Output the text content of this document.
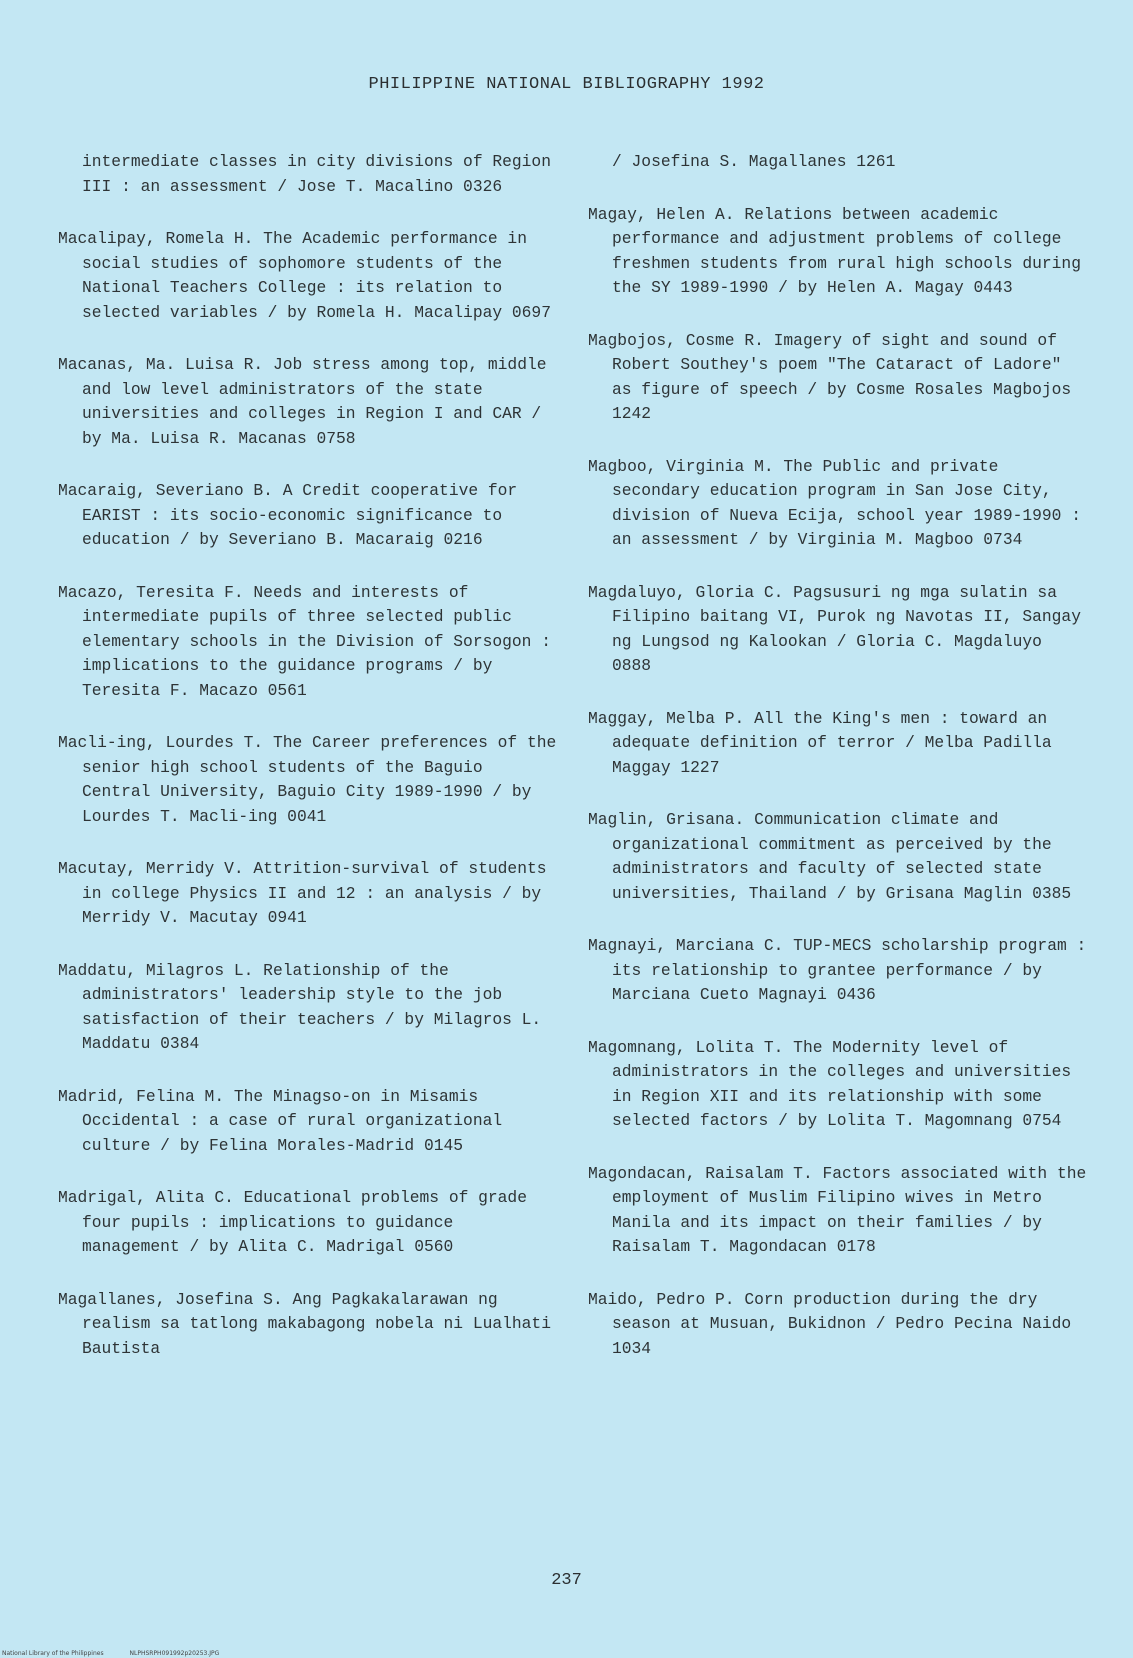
PHILIPPINE NATIONAL BIBLIOGRAPHY 1992

intermediate classes in city divisions of Region III : an assessment / Jose T. Macalino 0326

Macalipay, Romela H. The Academic performance in social studies of sophomore students of the National Teachers College : its relation to selected variables / by Romela H. Macalipay 0697

Macanas, Ma. Luisa R. Job stress among top, middle and low level administrators of the state universities and colleges in Region I and CAR / by Ma. Luisa R. Macanas 0758

Macaraig, Severiano B. A Credit cooperative for EARIST : its socio-economic significance to education / by Severiano B. Macaraig 0216

Macazo, Teresita F. Needs and interests of intermediate pupils of three selected public elementary schools in the Division of Sorsogon : implications to the guidance programs / by Teresita F. Macazo 0561

Macli-ing, Lourdes T. The Career preferences of the senior high school students of the Baguio Central University, Baguio City 1989-1990 / by Lourdes T. Macli-ing 0041

Macutay, Merridy V. Attrition-survival of students in college Physics II and 12 : an analysis / by Merridy V. Macutay 0941

Maddatu, Milagros L. Relationship of the administrators' leadership style to the job satisfaction of their teachers / by Milagros L. Maddatu 0384

Madrid, Felina M. The Minagso-on in Misamis Occidental : a case of rural organizational culture / by Felina Morales-Madrid 0145

Madrigal, Alita C. Educational problems of grade four pupils : implications to guidance management / by Alita C. Madrigal 0560

Magallanes, Josefina S. Ang Pagkakalarawan ng realism sa tatlong makabagong nobela ni Lualhati Bautista

/ Josefina S. Magallanes 1261

Magay, Helen A. Relations between academic performance and adjustment problems of college freshmen students from rural high schools during the SY 1989-1990 / by Helen A. Magay 0443

Magbojos, Cosme R. Imagery of sight and sound of Robert Southey's poem "The Cataract of Ladore" as figure of speech / by Cosme Rosales Magbojos 1242

Magboo, Virginia M. The Public and private secondary education program in San Jose City, division of Nueva Ecija, school year 1989-1990 : an assessment / by Virginia M. Magboo 0734

Magdaluyo, Gloria C. Pagsusuri ng mga sulatin sa Filipino baitang VI, Purok ng Navotas II, Sangay ng Lungsod ng Kalookan / Gloria C. Magdaluyo 0888

Maggay, Melba P. All the King's men : toward an adequate definition of terror / Melba Padilla Maggay 1227

Maglin, Grisana. Communication climate and organizational commitment as perceived by the administrators and faculty of selected state universities, Thailand / by Grisana Maglin 0385

Magnayi, Marciana C. TUP-MECS scholarship program : its relationship to grantee performance / by Marciana Cueto Magnayi 0436

Magomnang, Lolita T. The Modernity level of administrators in the colleges and universities in Region XII and its relationship with some selected factors / by Lolita T. Magomnang 0754

Magondacan, Raisalam T. Factors associated with the employment of Muslim Filipino wives in Metro Manila and its impact on their families / by Raisalam T. Magondacan 0178

Maido, Pedro P. Corn production during the dry season at Musuan, Bukidnon / Pedro Pecina Naido 1034

237
National Library of the Philippines	NLPHSRPH091992p20253.JPG
